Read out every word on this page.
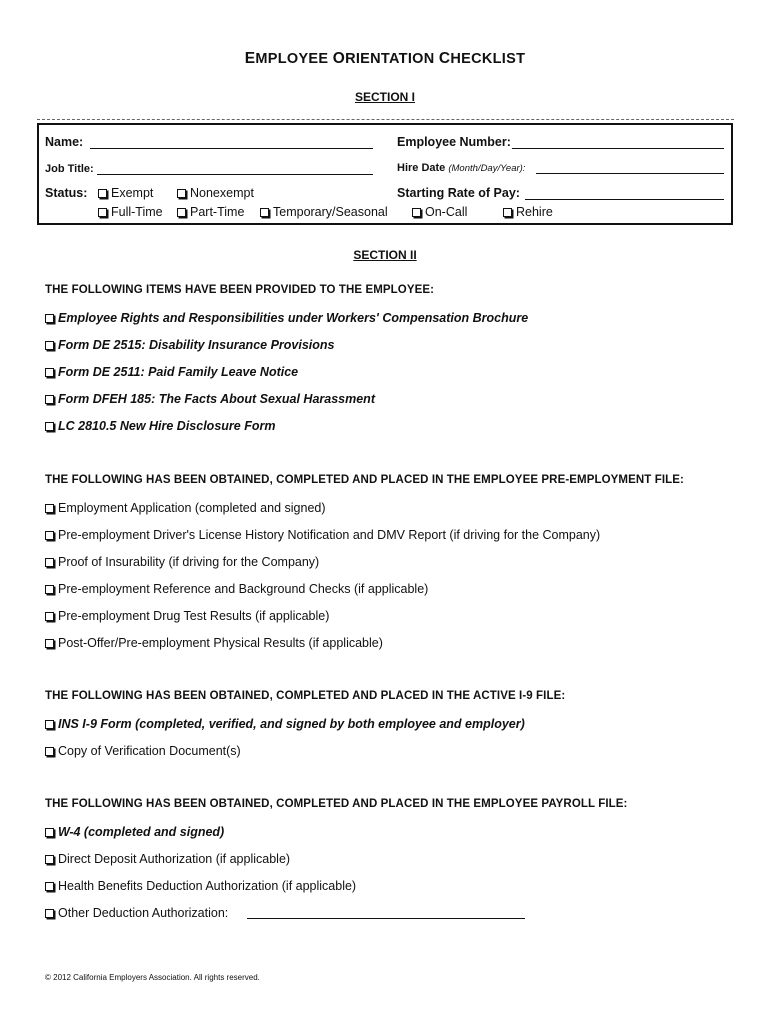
EMPLOYEE ORIENTATION CHECKLIST
SECTION I
Name:	Employee Number:
Job Title:	Hire Date (Month/Day/Year):
Status:	Exempt	Nonexempt	Starting Rate of Pay:
Full-Time	Part-Time	Temporary/Seasonal	On-Call	Rehire
SECTION II
THE FOLLOWING ITEMS HAVE BEEN PROVIDED TO THE EMPLOYEE:
Employee Rights and Responsibilities under Workers' Compensation Brochure
Form DE 2515: Disability Insurance Provisions
Form DE 2511: Paid Family Leave Notice
Form DFEH 185: The Facts About Sexual Harassment
LC 2810.5 New Hire Disclosure Form
THE FOLLOWING HAS BEEN OBTAINED, COMPLETED AND PLACED IN THE EMPLOYEE PRE-EMPLOYMENT FILE:
Employment Application (completed and signed)
Pre-employment Driver's License History Notification and DMV Report (if driving for the Company)
Proof of Insurability (if driving for the Company)
Pre-employment Reference and Background Checks (if applicable)
Pre-employment Drug Test Results (if applicable)
Post-Offer/Pre-employment Physical Results (if applicable)
THE FOLLOWING HAS BEEN OBTAINED, COMPLETED AND PLACED IN THE ACTIVE I-9 FILE:
INS I-9 Form (completed, verified, and signed by both employee and employer)
Copy of Verification Document(s)
THE FOLLOWING HAS BEEN OBTAINED, COMPLETED AND PLACED IN THE EMPLOYEE PAYROLL FILE:
W-4 (completed and signed)
Direct Deposit Authorization (if applicable)
Health Benefits Deduction Authorization (if applicable)
Other Deduction Authorization:
© 2012 California Employers Association. All rights reserved.
